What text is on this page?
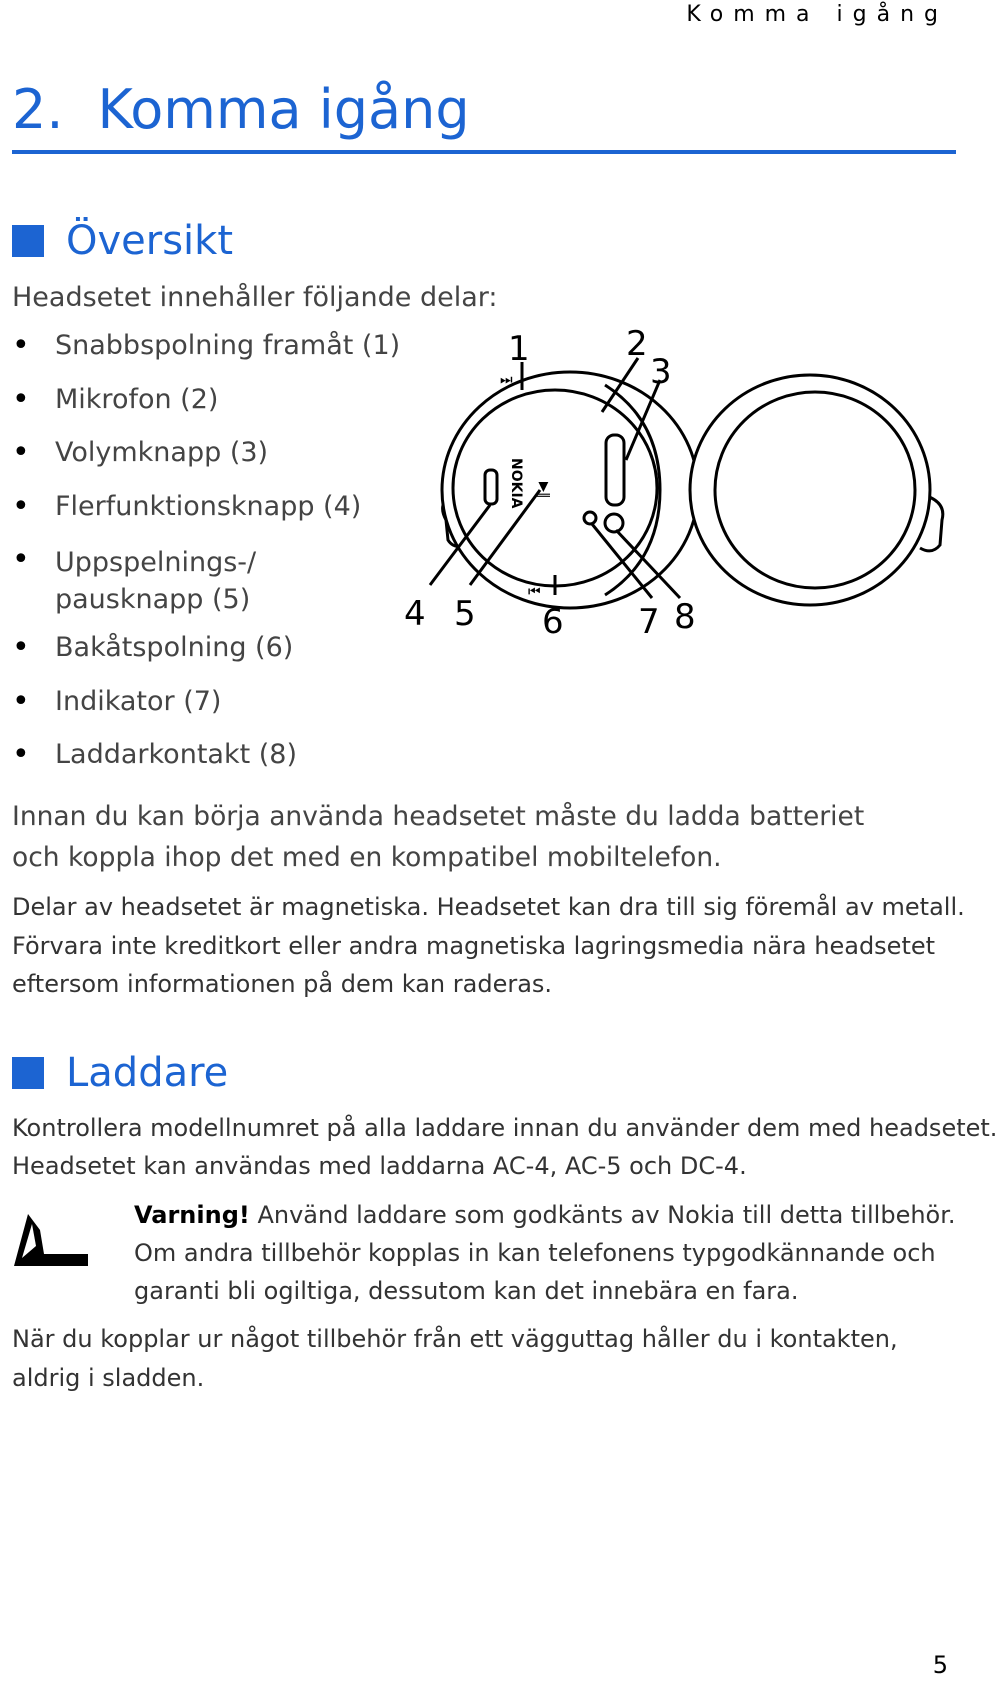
Komma igång
2. Komma igång
Översikt

Headsetet innehåller följande delar:

• Snabbspolning framåt (1)
• Mikrofon (2)
• Volymknapp (3)
• Flerfunktionsknapp (4)
• Uppspelnings-/ pausknapp (5)
• Bakåtspolning (6)
• Indikator (7)
• Laddarkontakt (8)
⏭
⏮
▶‖
NOKIA
1	2
3
4 5 6 7 8

Innan du kan börja använda headsetet måste du ladda batteriet

och koppla ihop det med en kompatibel mobiltelefon.

Delar av headsetet är magnetiska. Headsetet kan dra till sig föremål av metall.

Förvara inte kreditkort eller andra magnetiska lagringsmedia nära headsetet

eftersom informationen på dem kan raderas.

Laddare

Kontrollera modellnumret på alla laddare innan du använder dem med headsetet.

Headsetet kan användas med laddarna AC-4, AC-5 och DC-4.

Varning! Använd laddare som godkänts av Nokia till detta tillbehör.
Om andra tillbehör kopplas in kan telefonens typgodkännande och
garanti bli ogiltiga, dessutom kan det innebära en fara.

När du kopplar ur något tillbehör från ett vägguttag håller du i kontakten,

aldrig i sladden.

5
